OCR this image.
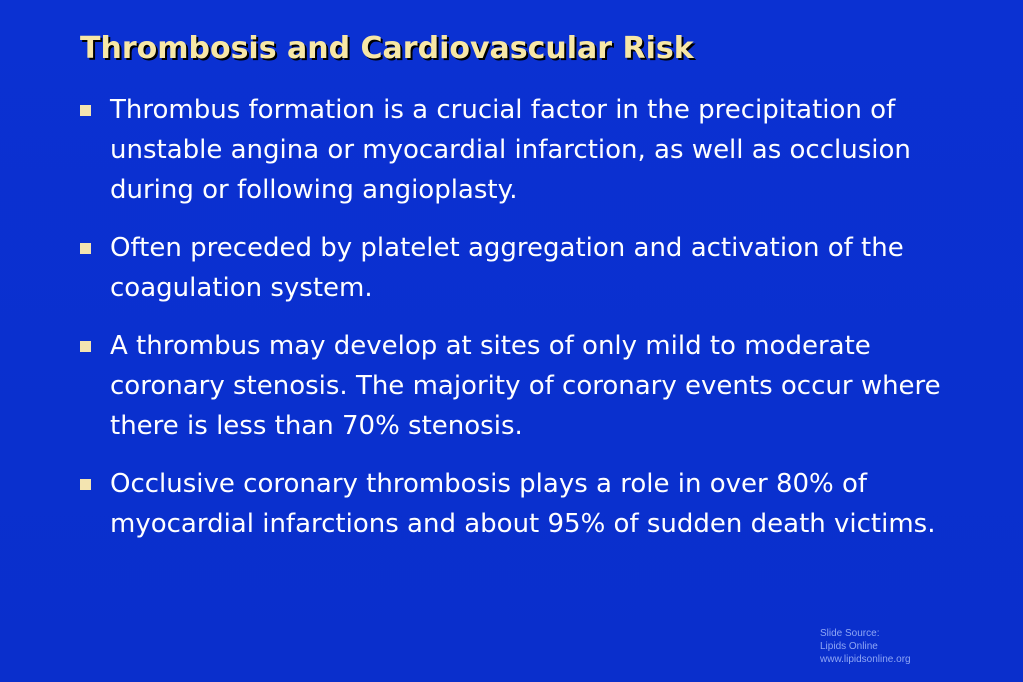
Thrombosis and Cardiovascular Risk
Thrombus formation is a crucial factor in the precipitation of unstable angina or myocardial infarction, as well as occlusion during or following angioplasty.
Often preceded by platelet aggregation and activation of the coagulation system.
A thrombus may develop at sites of only mild to moderate coronary stenosis. The majority of coronary events occur where there is less than 70% stenosis.
Occlusive coronary thrombosis plays a role in over 80% of myocardial infarctions and about 95% of sudden death victims.
Slide Source:
Lipids Online
www.lipidsonline.org
